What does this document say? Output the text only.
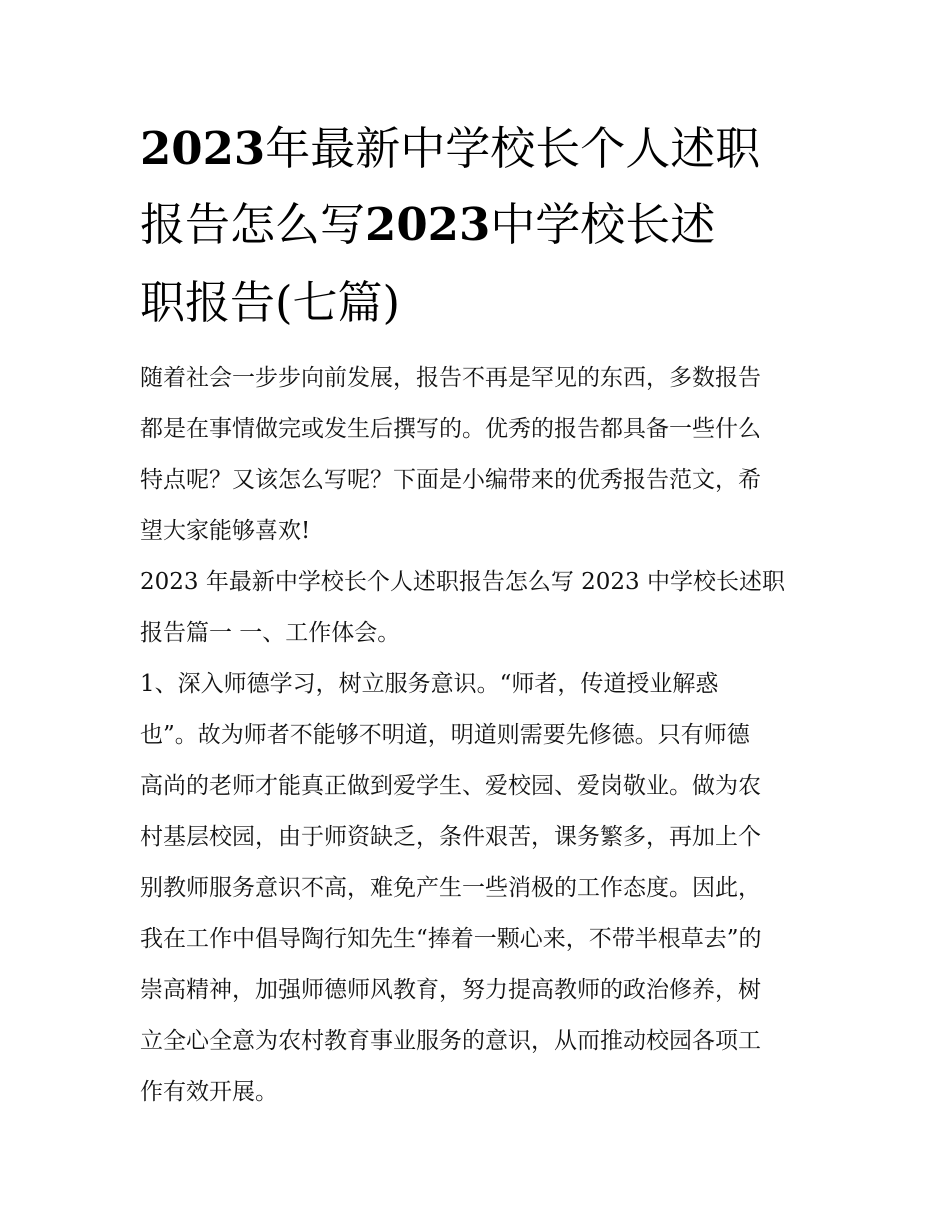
2023年最新中学校长个人述职
报告怎么写2023中学校长述
职报告(七篇)
随着社会一步步向前发展，报告不再是罕见的东西，多数报告
都是在事情做完或发生后撰写的。优秀的报告都具备一些什么
特点呢？又该怎么写呢？下面是小编带来的优秀报告范文，希
望大家能够喜欢!
2023 年最新中学校长个人述职报告怎么写 2023 中学校长述职
报告篇一 一、工作体会。
1、深入师德学习，树立服务意识。“师者，传道授业解惑
也”。故为师者不能够不明道，明道则需要先修德。只有师德
高尚的老师才能真正做到爱学生、爱校园、爱岗敬业。做为农
村基层校园，由于师资缺乏，条件艰苦，课务繁多，再加上个
别教师服务意识不高，难免产生一些消极的工作态度。因此，
我在工作中倡导陶行知先生“捧着一颗心来，不带半根草去”的
崇高精神，加强师德师风教育，努力提高教师的政治修养，树
立全心全意为农村教育事业服务的意识，从而推动校园各项工
作有效开展。
